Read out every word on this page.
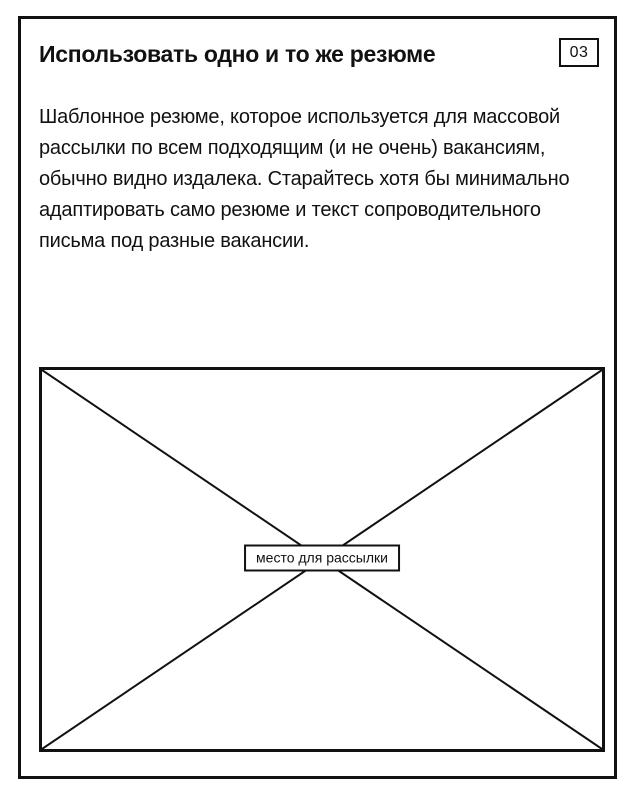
Использовать одно и то же резюме	03

Шаблонное резюме, которое используется для массовой рассылки по всем подходящим (и не очень) вакансиям, обычно видно издалека. Старайтесь хотя бы минимально адаптировать само резюме и текст сопроводительного письма под разные вакансии.

место для рассылки
